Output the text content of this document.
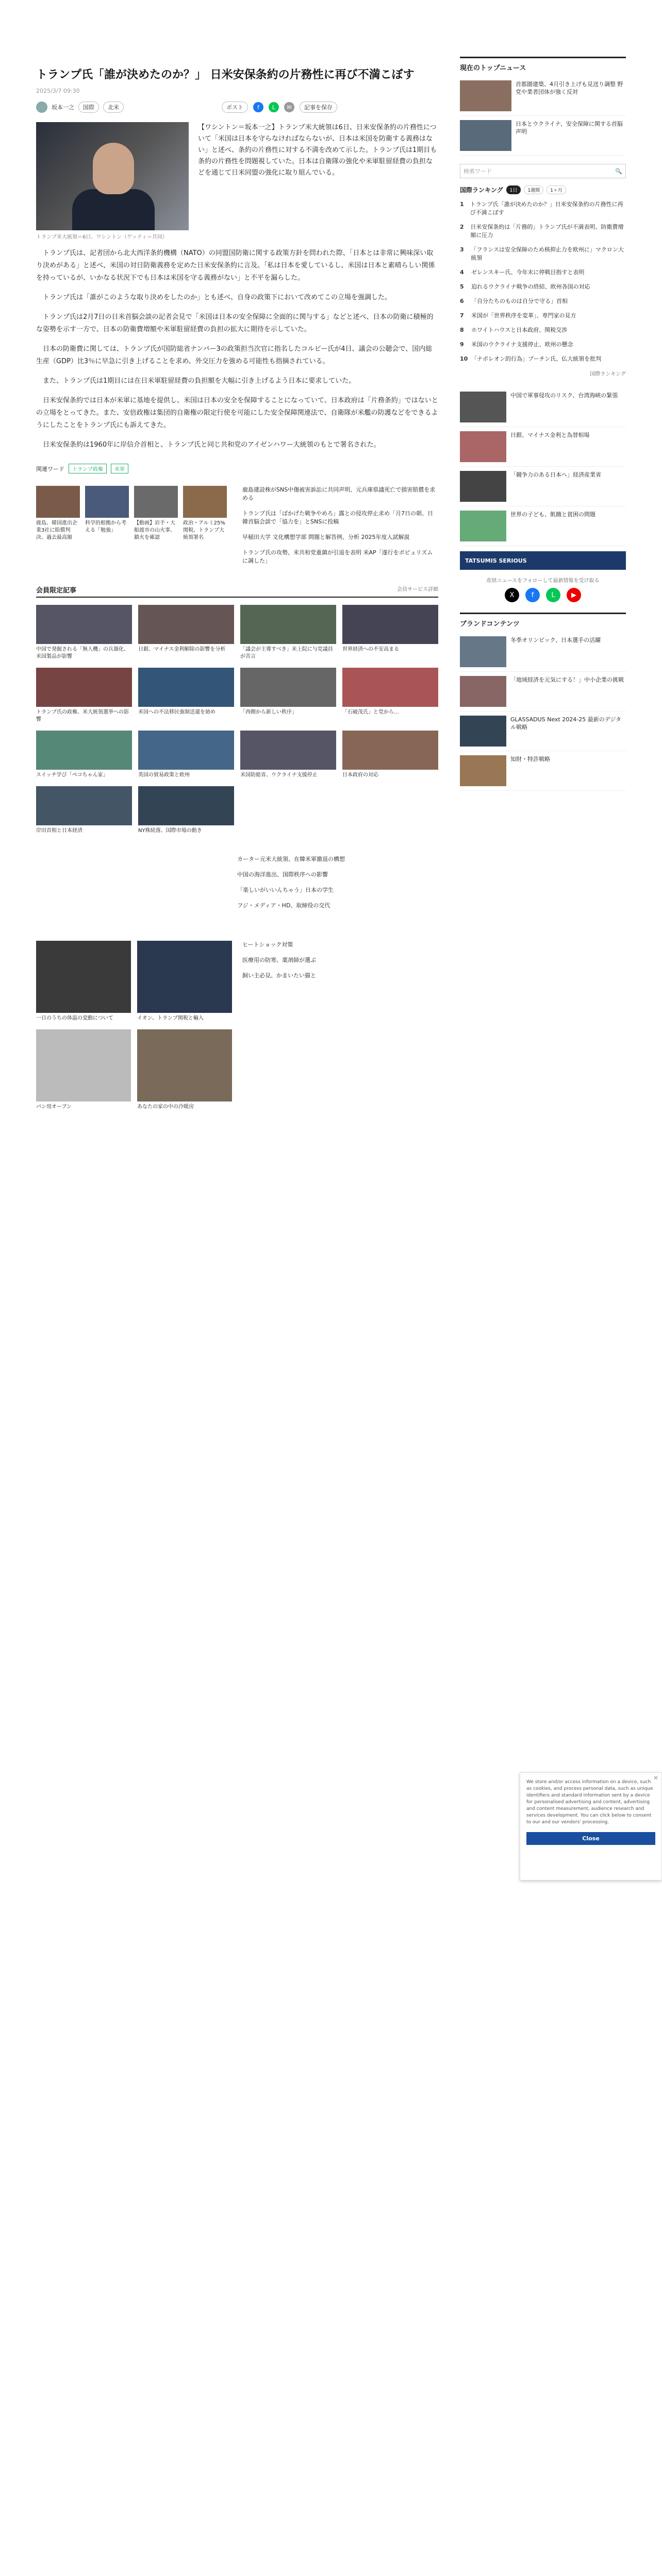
トランプ氏「誰が決めたのか？」 日米安保条約の片務性に再び不満こぼす
2025/3/7 09:30
坂本一之	国際	北米	ポスト	f	L	✉	記事を保存
トランプ米大統領＝6日、ワシントン（ゲッティ＝共同）
【ワシントン＝坂本一之】トランプ米大統領は6日、日米安保条約の片務性について「米国は日本を守らなければならないが、日本は米国を防衛する義務はない」と述べ、条約の片務性に対する不満を改めて示した。トランプ氏は1期目も条約の片務性を問題視していた。日本は自衛隊の強化や米軍駐留経費の負担などを通じて日米同盟の強化に取り組んでいる。

トランプ氏は、記者団から北大西洋条約機構（NATO）の同盟国防衛に関する政策方針を問われた際、「日本とは非常に興味深い取り決めがある」と述べ、米国の対日防衛義務を定めた日米安保条約に言及。「私は日本を愛しているし、米国は日本と素晴らしい関係を持っているが、いかなる状況下でも日本は米国を守る義務がない」と不平を漏らした。

トランプ氏は「誰がこのような取り決めをしたのか」とも述べ、自身の政策下において改めてこの立場を強調した。

トランプ氏は2月7日の日米首脳会談の記者会見で「米国は日本の安全保障に全面的に関与する」などと述べ、日本の防衛に積極的な姿勢を示す一方で、日本の防衛費増額や米軍駐留経費の負担の拡大に期待を示していた。

日本の防衛費に関しては、トランプ氏が国防総省ナンバー3の政策担当次官に指名したコルビー氏が4日、議会の公聴会で、国内総生産（GDP）比3％に早急に引き上げることを求め、外交圧力を強める可能性も指摘されている。

また、トランプ氏は1期目には在日米軍駐留経費の負担額を大幅に引き上げるよう日本に要求していた。

日米安保条約では日本が米軍に基地を提供し、米国は日本の安全を保障することになっていて、日本政府は「片務条約」ではないとの立場をとってきた。また、安倍政権は集団的自衛権の限定行使を可能にした安全保障関連法で、自衛隊が米艦の防護などをできるようにしたことをトランプ氏にも訴えてきた。

日米安保条約は1960年に岸信介首相と、トランプ氏と同じ共和党のアイゼンハワー大統領のもとで署名された。

関連ワード	トランプ政権	米軍
鹿島、韓国進出企業3社に賠償判決、過去最高額
科学的根拠から考える「勉強」
【動画】岩手・大船渡市の山火事、鎮火を確認
政治・アルミ25%関税、トランプ大統領署名

鹿島建設株がSNS中傷被害訴訟に共同声明、元兵庫県議死亡で損害賠償を求める

トランプ氏は「ばかげた戦争やめろ」露との侵攻停止求め「月7日の朝、日韓首脳会談で「協力を」とSNSに投稿

早稲田大学 文化構想学部 問題と解答例、分析 2025年度入試解説

トランプ氏の攻勢、米共和党重鎮が引退を表明 米AP「遂行をポピュリズムに調した」

会員限定記事	会員サービス詳細
中国で発掘される「無人機」の兵器化、米国製品が影響
日銀、マイナス金利解除の影響を分析	「議会が主導すべき」米上院に与党議員が苦言
世界経済への不安高まる
トランプ氏の政権、米大統領選挙への影響
米国への不法移民強制送還を始め	「西側から新しい秩序」	「石破茂氏」と党から...
スイッチ学び「ペコちゃん家」	英国の貿易政策と欧州	米国防総省、ウクライナ支援停止	日本政府の対応
岸田首相と日本経済	NY株続落、国際市場の動き

カーター元米大統領、在韓米軍撤退の構想

中国の海洋進出、国際秩序への影響

「楽しいがいいんちゃう」日本の学生

フジ・メディア・HD、取締役の交代

一日のうちの体温の変動について	イオン、トランプ関税と輸入
パン用オーブン	あなたの家の中の冷暖房

ヒートショック対策

医療用の防寒、薬剤師が選ぶ

飼い主必見、かまいたい猫と

現在のトップニュース
首都圏建築、4月引き上げも見送り調整 野党や業者団体が強く反対
日本とウクライナ、安全保障に関する首脳声明
検索ワード	🔍
国際ランキング	1日	1週間	1ヶ月
1	トランプ氏「誰が決めたのか？」日米安保条約の片務性に再び不満こぼす
2	日米安保条約は「片務的」トランプ氏が不満表明、防衛費増額に圧力
3	「フランスは安全保障のため核抑止力を欧州に」マクロン大統領
4	ゼレンスキー氏、今年末に停戦目指すと表明
5	迫れるウクライナ戦争の終結、欧州各国の対応
6	「自分たちのものは自分で守る」首相
7	米国が「世界秩序を変革」、専門家の見方
8	ホワイトハウスと日本政府、関税交渉
9	米国のウクライナ支援停止、欧州の懸念
10 「ナポレオン的行為」プーチン氏、仏大統領を批判
国際ランキング
中国で軍事侵攻のリスク、台湾海峡の緊張
日銀、マイナス金利と為替相場
「競争力のある日本へ」経済産業省
世界の子ども、飢餓と貧困の問題
TATSUMIS SERIOUS
産経ニュースをフォローして最新情報を受け取る
X	f	L	▶
ブランドコンテンツ
冬季オリンピック、日本選手の活躍
「地域経済を元気にする！」中小企業の挑戦
GLASSADUS Next 2024-25 最新のデジタル戦略
知財・特許戦略
✕
We store and/or access information on a device, such as cookies, and process personal data, such as unique identifiers and standard information sent by a device for personalised advertising and content, advertising and content measurement, audience research and services development. You can click below to consent to our and our vendors' processing.
Close
